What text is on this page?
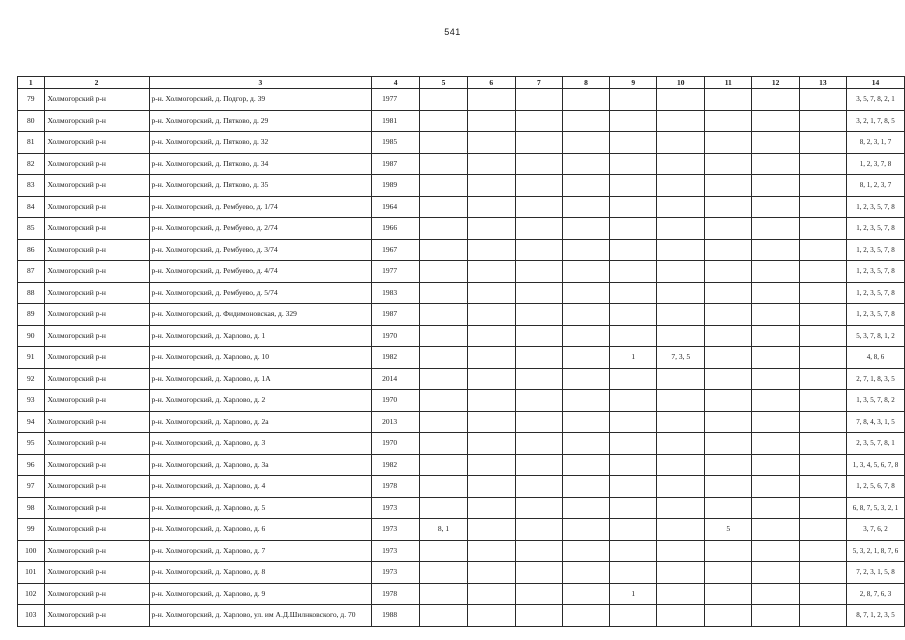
541
1	2	3	4	5	6	7	8	9	10	11	12	13	14
79	Холмогорский р-н	р-н. Холмогорский, д. Подгор, д. 39	1977										3, 5, 7, 8, 2, 1
80	Холмогорский р-н	р-н. Холмогорский, д. Пятково, д. 29	1981										3, 2, 1, 7, 8, 5
81	Холмогорский р-н	р-н. Холмогорский, д. Пятково, д. 32	1985										8, 2, 3, 1, 7
82	Холмогорский р-н	р-н. Холмогорский, д. Пятково, д. 34	1987										1, 2, 3, 7, 8
83	Холмогорский р-н	р-н. Холмогорский, д. Пятково, д. 35	1989										8, 1, 2, 3, 7
84	Холмогорский р-н	р-н. Холмогорский, д. Рембуево, д. 1/74	1964										1, 2, 3, 5, 7, 8
85	Холмогорский р-н	р-н. Холмогорский, д. Рембуево, д. 2/74	1966										1, 2, 3, 5, 7, 8
86	Холмогорский р-н	р-н. Холмогорский, д. Рембуево, д. 3/74	1967										1, 2, 3, 5, 7, 8
87	Холмогорский р-н	р-н. Холмогорский, д. Рембуево, д. 4/74	1977										1, 2, 3, 5, 7, 8
88	Холмогорский р-н	р-н. Холмогорский, д. Рембуево, д. 5/74	1983										1, 2, 3, 5, 7, 8
89	Холмогорский р-н	р-н. Холмогорский, д. Фидимоновская, д. 329	1987										1, 2, 3, 5, 7, 8
90	Холмогорский р-н	р-н. Холмогорский, д. Харлово, д. 1	1970										5, 3, 7, 8, 1, 2
91	Холмогорский р-н	р-н. Холмогорский, д. Харлово, д. 10	1982					1	7, 3, 5				4, 8, 6
92	Холмогорский р-н	р-н. Холмогорский, д. Харлово, д. 1А	2014										2, 7, 1, 8, 3, 5
93	Холмогорский р-н	р-н. Холмогорский, д. Харлово, д. 2	1970										1, 3, 5, 7, 8, 2
94	Холмогорский р-н	р-н. Холмогорский, д. Харлово, д. 2а	2013										7, 8, 4, 3, 1, 5
95	Холмогорский р-н	р-н. Холмогорский, д. Харлово, д. 3	1970										2, 3, 5, 7, 8, 1
96	Холмогорский р-н	р-н. Холмогорский, д. Харлово, д. 3а	1982										1, 3, 4, 5, 6, 7, 8
97	Холмогорский р-н	р-н. Холмогорский, д. Харлово, д. 4	1978										1, 2, 5, 6, 7, 8
98	Холмогорский р-н	р-н. Холмогорский, д. Харлово, д. 5	1973										6, 8, 7, 5, 3, 2, 1
99	Холмогорский р-н	р-н. Холмогорский, д. Харлово, д. 6	1973	8, 1						5			3, 7, 6, 2
100	Холмогорский р-н	р-н. Холмогорский, д. Харлово, д. 7	1973										5, 3, 2, 1, 8, 7, 6
101	Холмогорский р-н	р-н. Холмогорский, д. Харлово, д. 8	1973										7, 2, 3, 1, 5, 8
102	Холмогорский р-н	р-н. Холмогорский, д. Харлово, д. 9	1978					1					2, 8, 7, 6, 3
103	Холмогорский р-н	р-н. Холмогорский, д. Харлово, ул. им А.Д.Шилнковского, д. 70	1988										8, 7, 1, 2, 3, 5
